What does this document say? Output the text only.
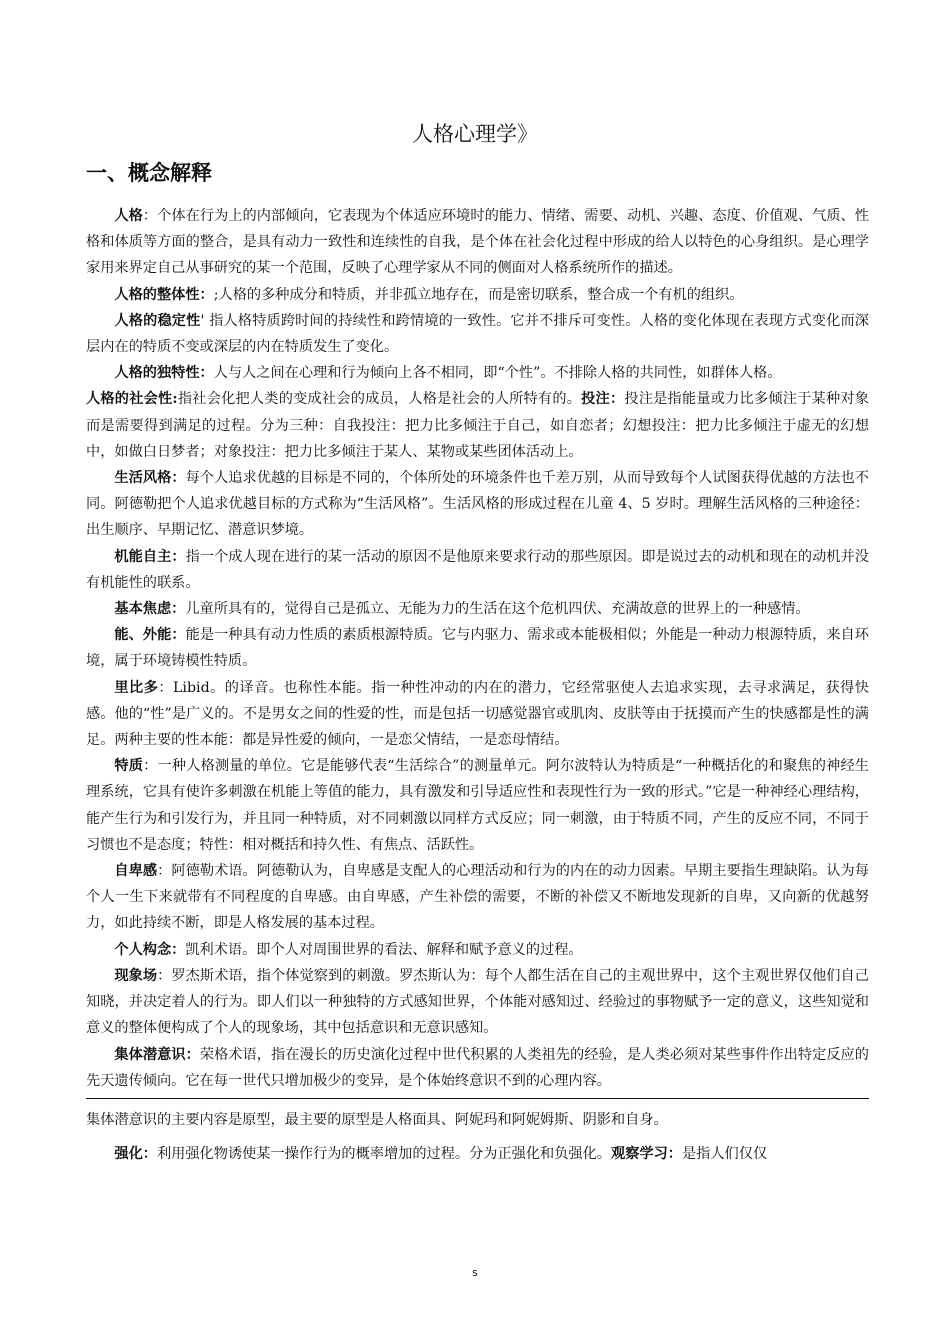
人格心理学》
一、概念解释

人格：个体在行为上的内部倾向，它表现为个体适应环境时的能力、情绪、需要、动机、兴趣、态度、价值观、气质、性格和体质等方面的整合，是具有动力一致性和连续性的自我，是个体在社会化过程中形成的给人以特色的心身组织。是心理学家用来界定自己从事研究的某一个范围，反映了心理学家从不同的侧面对人格系统所作的描述。

人格的整体性：;人格的多种成分和特质，并非孤立地存在，而是密切联系，整合成一个有机的组织。

人格的稳定性' 指人格特质跨时间的持续性和跨情境的一致性。它并不排斥可变性。人格的变化体现在表现方式变化而深层内在的特质不变或深层的内在特质发生了变化。

人格的独特性：人与人之间在心理和行为倾向上各不相同，即“个性”。不排除人格的共同性，如群体人格。

人格的社会性:指社会化把人类的变成社会的成员，人格是社会的人所特有的。投注：投注是指能量或力比多倾注于某种对象而是需要得到满足的过程。分为三种：自我投注：把力比多倾注于自己，如自恋者；幻想投注：把力比多倾注于虚无的幻想中，如做白日梦者；对象投注：把力比多倾注于某人、某物或某些团体活动上。

生活风格：每个人追求优越的目标是不同的，个体所处的环境条件也千差万别，从而导致每个人试图获得优越的方法也不同。阿德勒把个人追求优越目标的方式称为“生活风格”。生活风格的形成过程在儿童 4、5 岁时。理解生活风格的三种途径：出生顺序、早期记忆、潜意识梦境。

机能自主：指一个成人现在进行的某一活动的原因不是他原来要求行动的那些原因。即是说过去的动机和现在的动机并没有机能性的联系。

基本焦虑：儿童所具有的，觉得自己是孤立、无能为力的生活在这个危机四伏、充满故意的世界上的一种感情。

能、外能：能是一种具有动力性质的素质根源特质。它与内驱力、需求或本能极相似；外能是一种动力根源特质，来自环境，属于环境铸模性特质。

里比多：Libid。的译音。也称性本能。指一种性冲动的内在的潜力，它经常驱使人去追求实现，去寻求满足，获得快感。他的“性”是广义的。不是男女之间的性爱的性，而是包括一切感觉器官或肌肉、皮肤等由于抚摸而产生的快感都是性的满足。两种主要的性本能：都是异性爱的倾向，一是恋父情结，一是恋母情结。

特质：一种人格测量的单位。它是能够代表“生活综合”的测量单元。阿尔波特认为特质是“一种概括化的和聚焦的神经生理系统，它具有使许多刺激在机能上等值的能力，具有激发和引导适应性和表现性行为一致的形式。”它是一种神经心理结构，能产生行为和引发行为，并且同一种特质，对不同刺激以同样方式反应；同一刺激，由于特质不同，产生的反应不同，不同于习惯也不是态度；特性：相对概括和持久性、有焦点、活跃性。

自卑感：阿德勒术语。阿德勒认为，自卑感是支配人的心理活动和行为的内在的动力因素。早期主要指生理缺陷。认为每个人一生下来就带有不同程度的自卑感。由自卑感，产生补偿的需要，不断的补偿又不断地发现新的自卑，又向新的优越努力，如此持续不断，即是人格发展的基本过程。

个人构念：凯利术语。即个人对周围世界的看法、解释和赋予意义的过程。

现象场：罗杰斯术语，指个体觉察到的刺激。罗杰斯认为：每个人都生活在自己的主观世界中，这个主观世界仅他们自己知晓，并决定着人的行为。即人们以一种独特的方式感知世界，个体能对感知过、经验过的事物赋予一定的意义，这些知觉和意义的整体便构成了个人的现象场，其中包括意识和无意识感知。

集体潜意识：荣格术语，指在漫长的历史演化过程中世代积累的人类祖先的经验，是人类必须对某些事件作出特定反应的先天遗传倾向。它在每一世代只增加极少的变异，是个体始终意识不到的心理内容。

集体潜意识的主要内容是原型，最主要的原型是人格面具、阿妮玛和阿妮姆斯、阴影和自身。

强化：利用强化物诱使某一操作行为的概率增加的过程。分为正强化和负强化。观察学习：是指人们仅仅

s
